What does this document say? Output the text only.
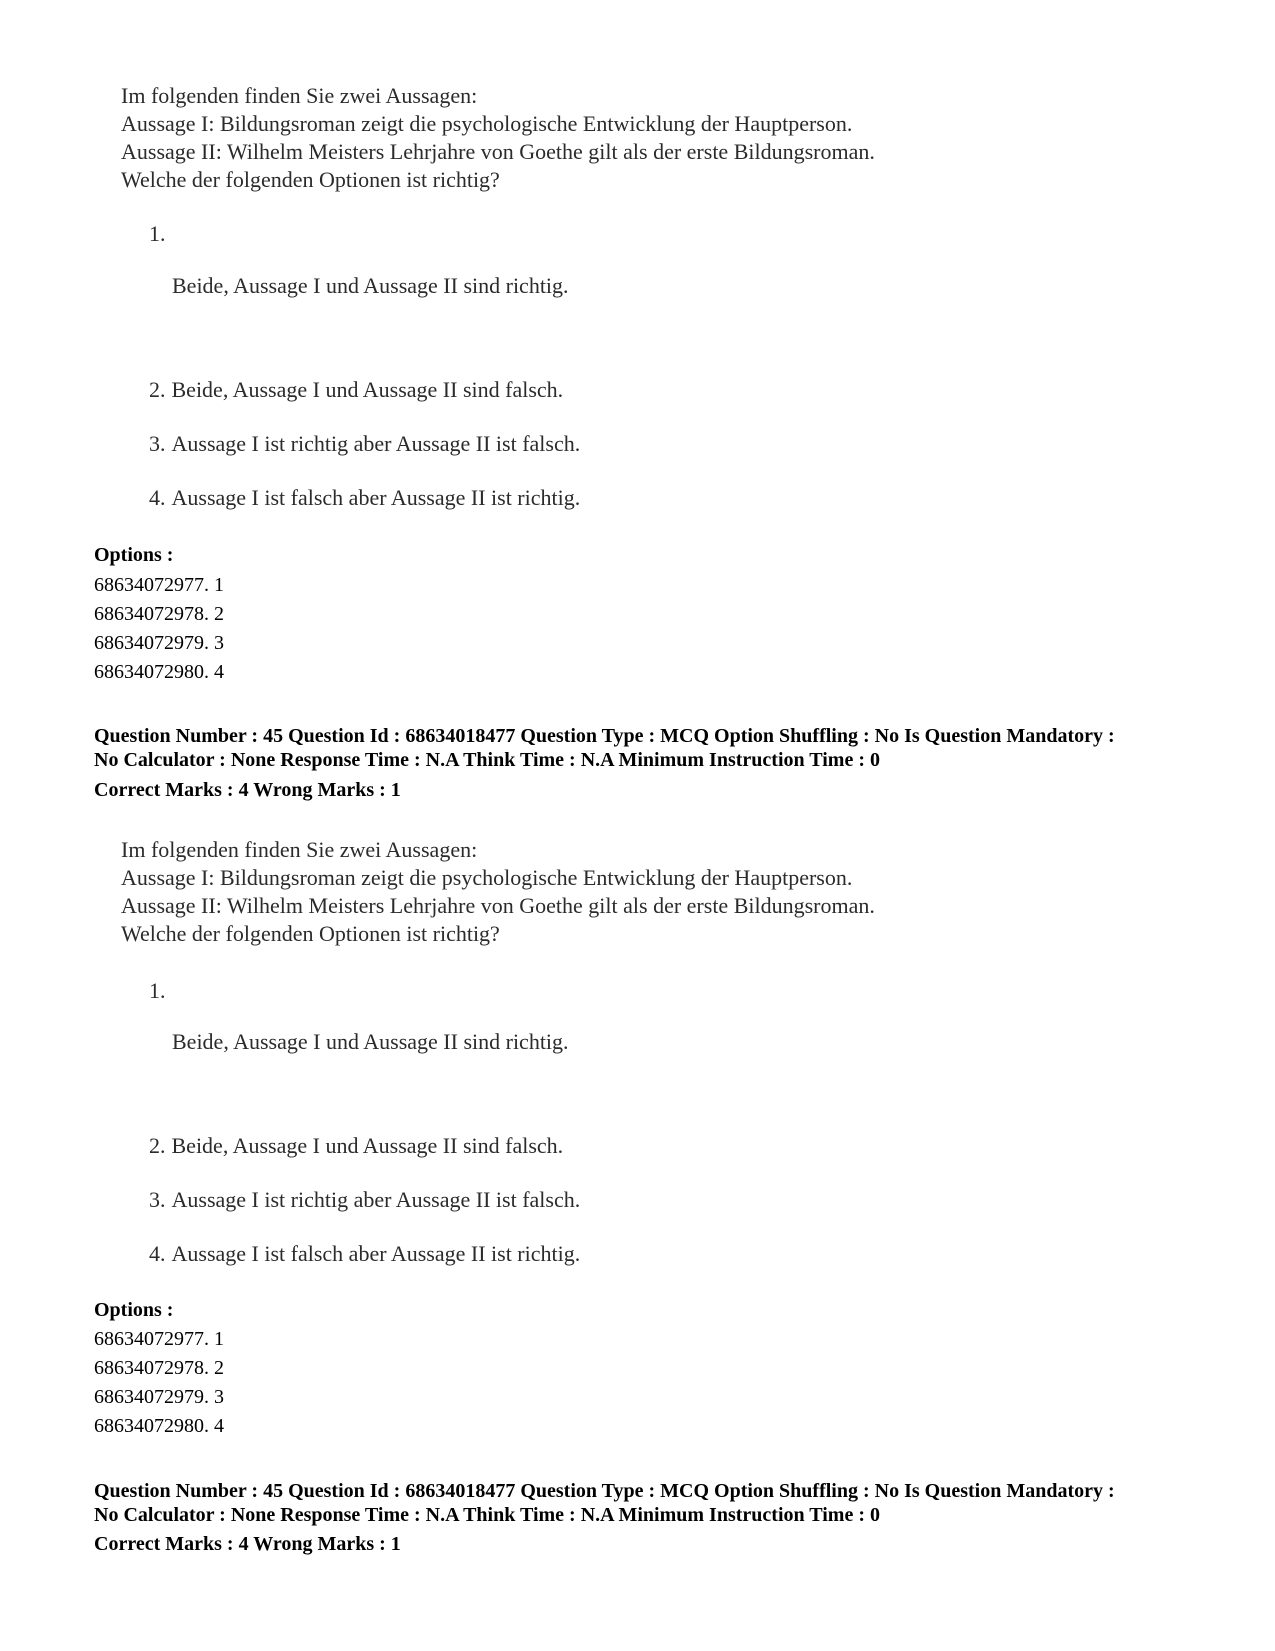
Im folgenden finden Sie zwei Aussagen:
Aussage I: Bildungsroman zeigt die psychologische Entwicklung der Hauptperson.
Aussage II: Wilhelm Meisters Lehrjahre von Goethe gilt als der erste Bildungsroman.
Welche der folgenden Optionen ist richtig?
1.
Beide, Aussage I und Aussage II sind richtig.
2. Beide, Aussage I und Aussage II sind falsch.
3. Aussage I ist richtig aber Aussage II ist falsch.
4. Aussage I ist falsch aber Aussage II ist richtig.
Options :
68634072977. 1
68634072978. 2
68634072979. 3
68634072980. 4
Question Number : 45 Question Id : 68634018477 Question Type : MCQ Option Shuffling : No Is Question Mandatory :
No Calculator : None Response Time : N.A Think Time : N.A Minimum Instruction Time : 0
Correct Marks : 4 Wrong Marks : 1
Im folgenden finden Sie zwei Aussagen:
Aussage I: Bildungsroman zeigt die psychologische Entwicklung der Hauptperson.
Aussage II: Wilhelm Meisters Lehrjahre von Goethe gilt als der erste Bildungsroman.
Welche der folgenden Optionen ist richtig?
1.
Beide, Aussage I und Aussage II sind richtig.
2. Beide, Aussage I und Aussage II sind falsch.
3. Aussage I ist richtig aber Aussage II ist falsch.
4. Aussage I ist falsch aber Aussage II ist richtig.
Options :
68634072977. 1
68634072978. 2
68634072979. 3
68634072980. 4
Question Number : 45 Question Id : 68634018477 Question Type : MCQ Option Shuffling : No Is Question Mandatory :
No Calculator : None Response Time : N.A Think Time : N.A Minimum Instruction Time : 0
Correct Marks : 4 Wrong Marks : 1
